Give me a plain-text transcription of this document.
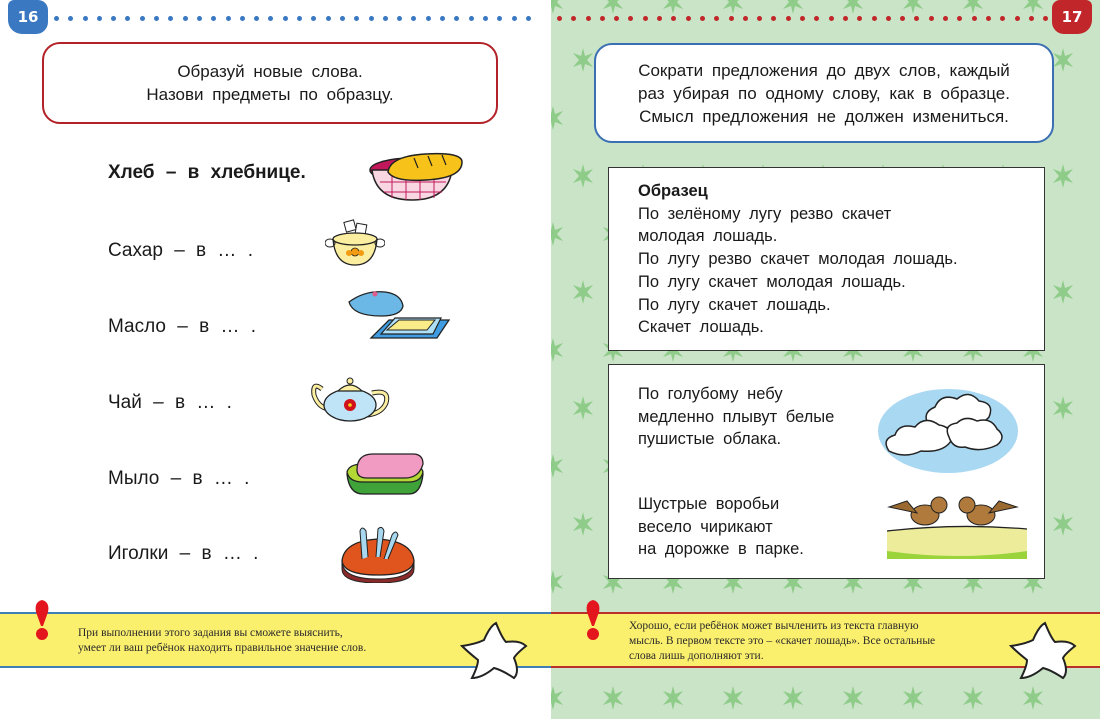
16
Образуй новые слова.
Назови предметы по образцу.
Хлеб – в хлебнице.
Сахар – в … .
Масло – в … .
Чай – в … .
Мыло – в … .
Иголки – в … .
При выполнении этого задания вы сможете выяснить,
умеет ли ваш ребёнок находить правильное значение слов.
17
Сократи предложения до двух слов, каждый
раз убирая по одному слову, как в образце.
Смысл предложения не должен измениться.
Образец
По зелёному лугу резво скачет
молодая лошадь.
По лугу резво скачет молодая лошадь.
По лугу скачет молодая лошадь.
По лугу скачет лошадь.
Скачет лошадь.
По голубому небу
медленно плывут белые
пушистые облака.
Шустрые воробьи
весело чирикают
на дорожке в парке.
Хорошо, если ребёнок может вычленить из текста главную
мысль. В первом тексте это – «скачет лошадь». Все остальные
слова лишь дополняют эти.
